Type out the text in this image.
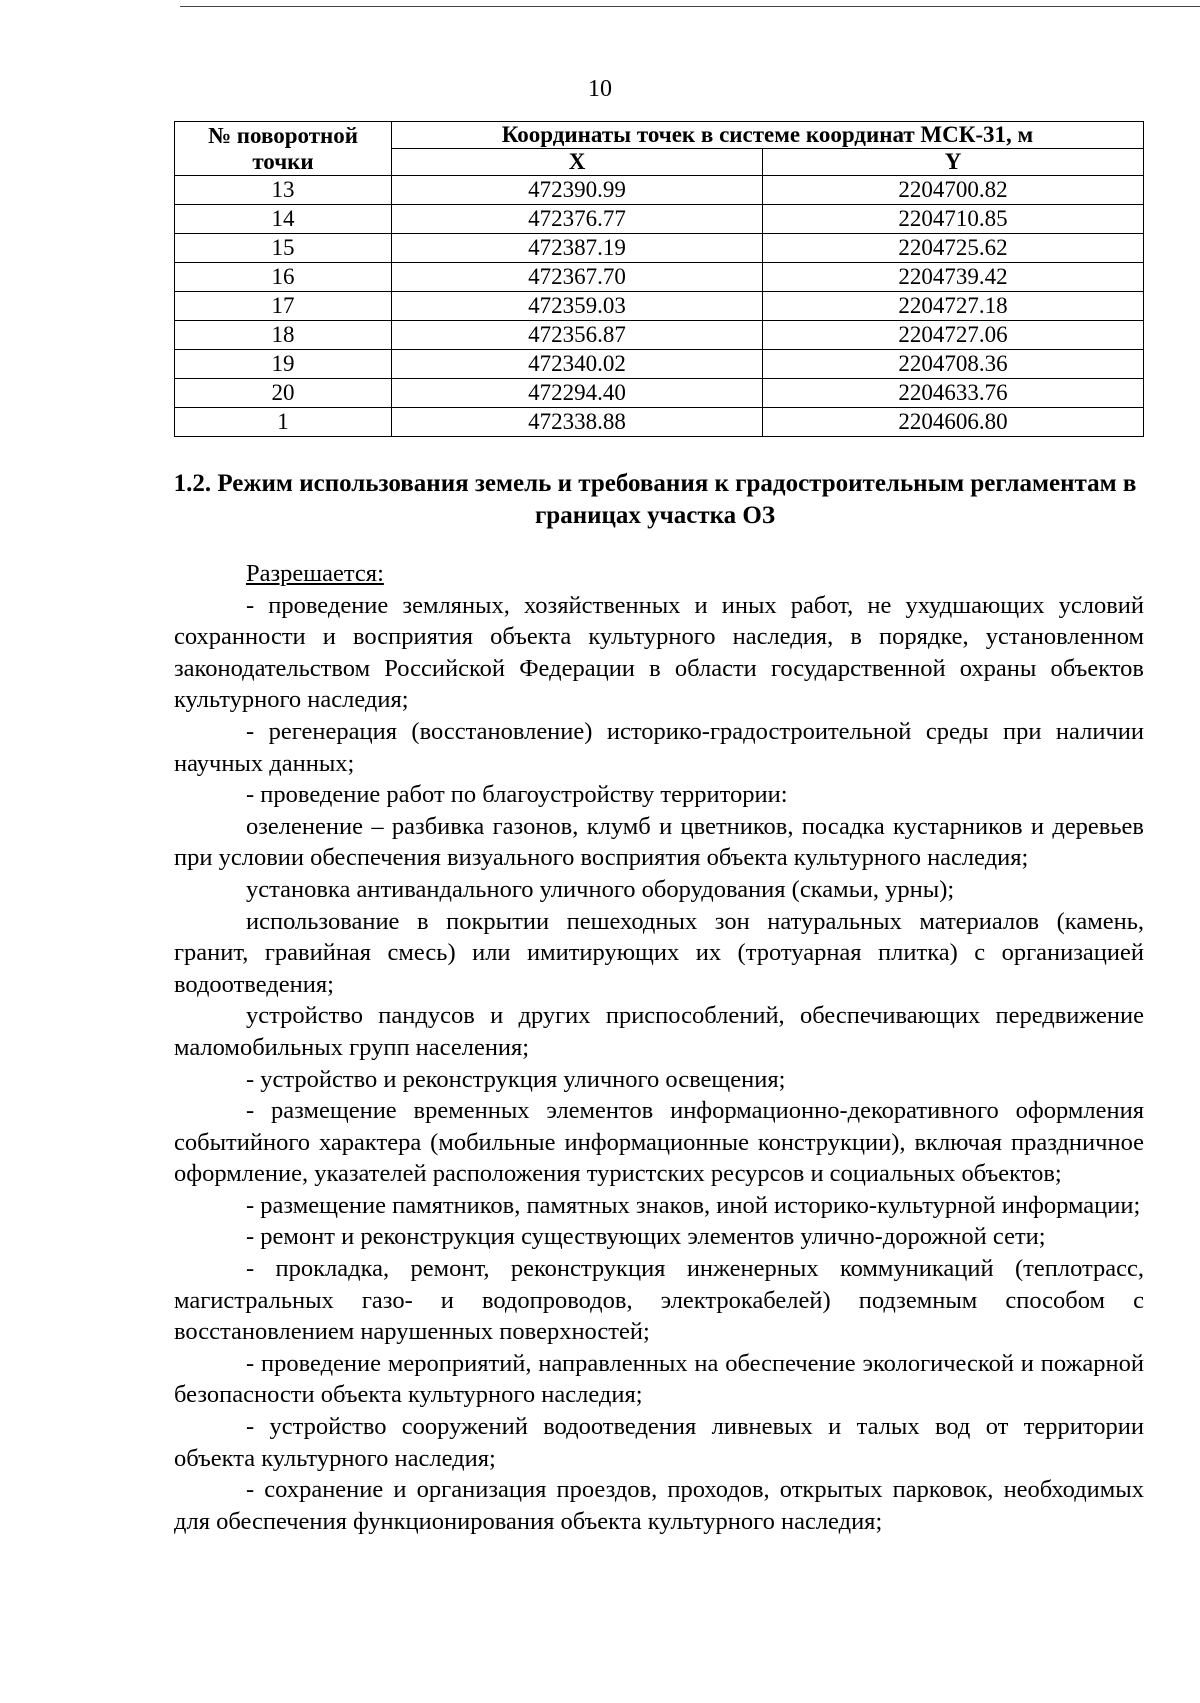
10
№ поворотной точки	Координаты точек в системе координат МСК-31, м	
	X	Y
13	472390.99	2204700.82
14	472376.77	2204710.85
15	472387.19	2204725.62
16	472367.70	2204739.42
17	472359.03	2204727.18
18	472356.87	2204727.06
19	472340.02	2204708.36
20	472294.40	2204633.76
1	472338.88	2204606.80
1.2. Режим использования земель и требования к градостроительным регламентам в границах участка ОЗ

Разрешается:

- проведение земляных, хозяйственных и иных работ, не ухудшающих условий сохранности и восприятия объекта культурного наследия, в порядке, установленном законодательством Российской Федерации в области государственной охраны объектов культурного наследия;

- регенерация (восстановление) историко-градостроительной среды при наличии научных данных;

- проведение работ по благоустройству территории:

озеленение – разбивка газонов, клумб и цветников, посадка кустарников и деревьев при условии обеспечения визуального восприятия объекта культурного наследия;

установка антивандального уличного оборудования (скамьи, урны);

использование в покрытии пешеходных зон натуральных материалов (камень, гранит, гравийная смесь) или имитирующих их (тротуарная плитка) с организацией водоотведения;

устройство пандусов и других приспособлений, обеспечивающих передвижение маломобильных групп населения;

- устройство и реконструкция уличного освещения;

- размещение временных элементов информационно-декоративного оформления событийного характера (мобильные информационные конструкции), включая праздничное оформление, указателей расположения туристских ресурсов и социальных объектов;

- размещение памятников, памятных знаков, иной историко-культурной информации;

- ремонт и реконструкция существующих элементов улично-дорожной сети;

- прокладка, ремонт, реконструкция инженерных коммуникаций (теплотрасс, магистральных газо- и водопроводов, электрокабелей) подземным способом с восстановлением нарушенных поверхностей;

- проведение мероприятий, направленных на обеспечение экологической и пожарной безопасности объекта культурного наследия;

- устройство сооружений водоотведения ливневых и талых вод от территории объекта культурного наследия;

- сохранение и организация проездов, проходов, открытых парковок, необходимых для обеспечения функционирования объекта культурного наследия;
